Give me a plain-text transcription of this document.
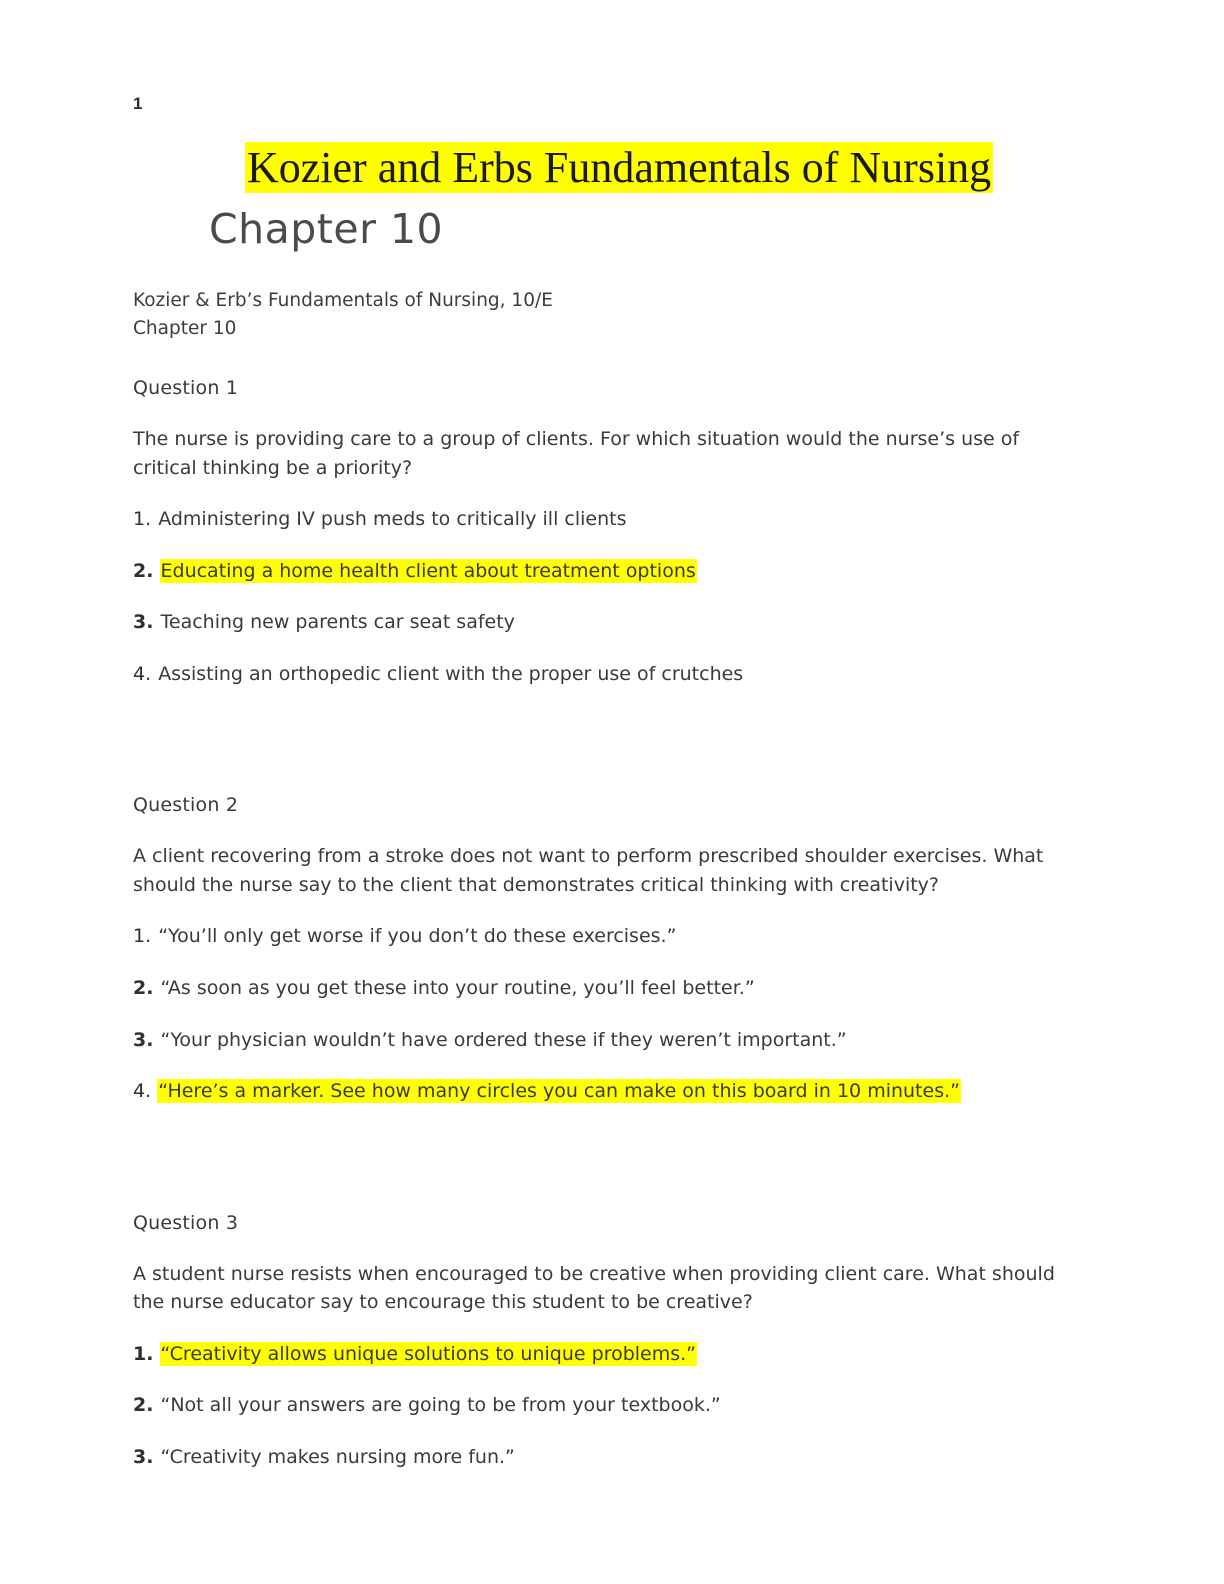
1
Kozier and Erbs Fundamentals of Nursing
Chapter 10
Kozier & Erb’s Fundamentals of Nursing, 10/E
Chapter 10
Question 1
The nurse is providing care to a group of clients. For which situation would the nurse’s use of critical thinking be a priority?
1. Administering IV push meds to critically ill clients
2. Educating a home health client about treatment options
3. Teaching new parents car seat safety
4. Assisting an orthopedic client with the proper use of crutches
Question 2
A client recovering from a stroke does not want to perform prescribed shoulder exercises. What should the nurse say to the client that demonstrates critical thinking with creativity?
1. “You’ll only get worse if you don’t do these exercises.”
2. “As soon as you get these into your routine, you’ll feel better.”
3. “Your physician wouldn’t have ordered these if they weren’t important.”
4. “Here’s a marker. See how many circles you can make on this board in 10 minutes.”
Question 3
A student nurse resists when encouraged to be creative when providing client care. What should the nurse educator say to encourage this student to be creative?
1. “Creativity allows unique solutions to unique problems.”
2. “Not all your answers are going to be from your textbook.”
3. “Creativity makes nursing more fun.”
